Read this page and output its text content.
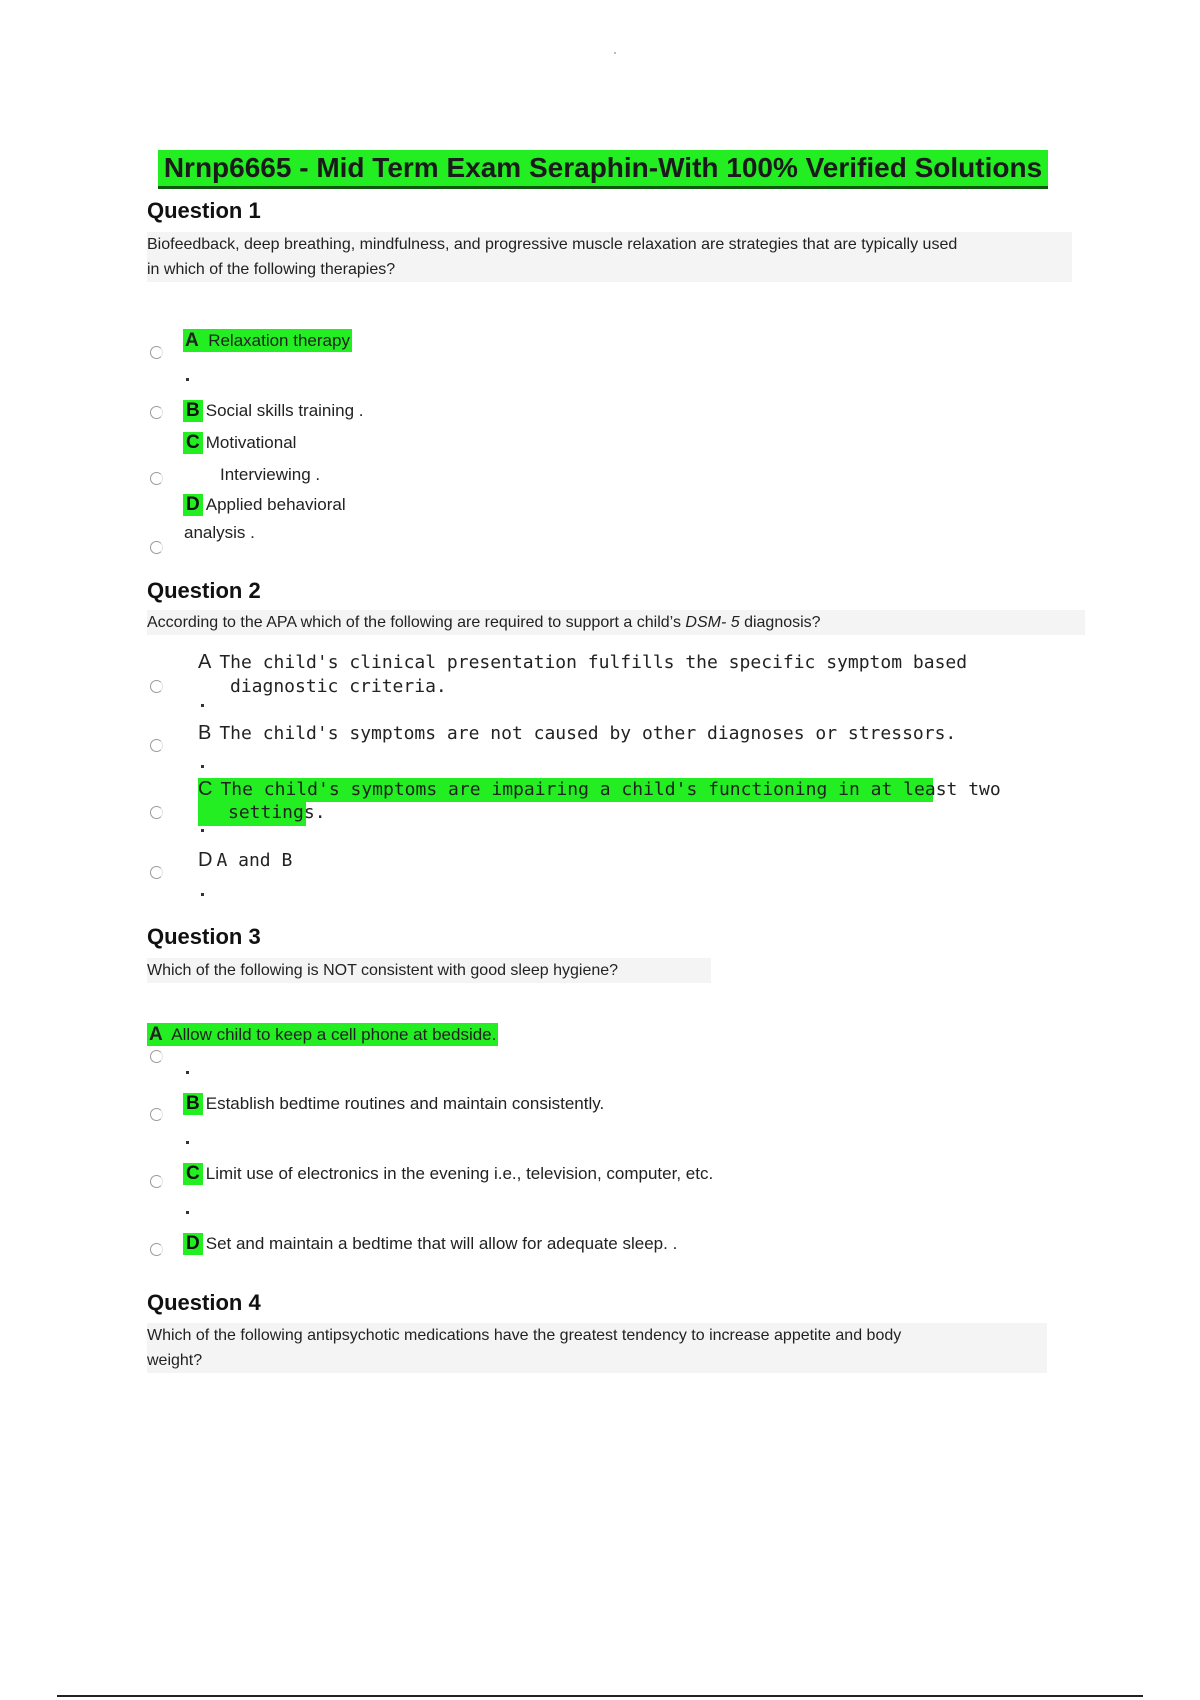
Nrnp6665 - Mid Term Exam Seraphin-With 100% Verified Solutions
Question 1
Biofeedback, deep breathing, mindfulness, and progressive muscle relaxation are strategies that are typically used
in which of the following therapies?
A Relaxation therapy
B Social skills training .
C Motivational
Interviewing .
D Applied behavioral
analysis .
Question 2
According to the APA which of the following are required to support a child’s DSM- 5 diagnosis?
A The child's clinical presentation fulfills the specific symptom based
diagnostic criteria.
B The child's symptoms are not caused by other diagnoses or stressors.
C The child's symptoms are impairing a child's functioning in at least two
settings.
D A and B
Question 3
Which of the following is NOT consistent with good sleep hygiene?
A Allow child to keep a cell phone at bedside.
B Establish bedtime routines and maintain consistently.
C Limit use of electronics in the evening i.e., television, computer, etc.
D Set and maintain a bedtime that will allow for adequate sleep. .
Question 4
Which of the following antipsychotic medications have the greatest tendency to increase appetite and body
weight?
